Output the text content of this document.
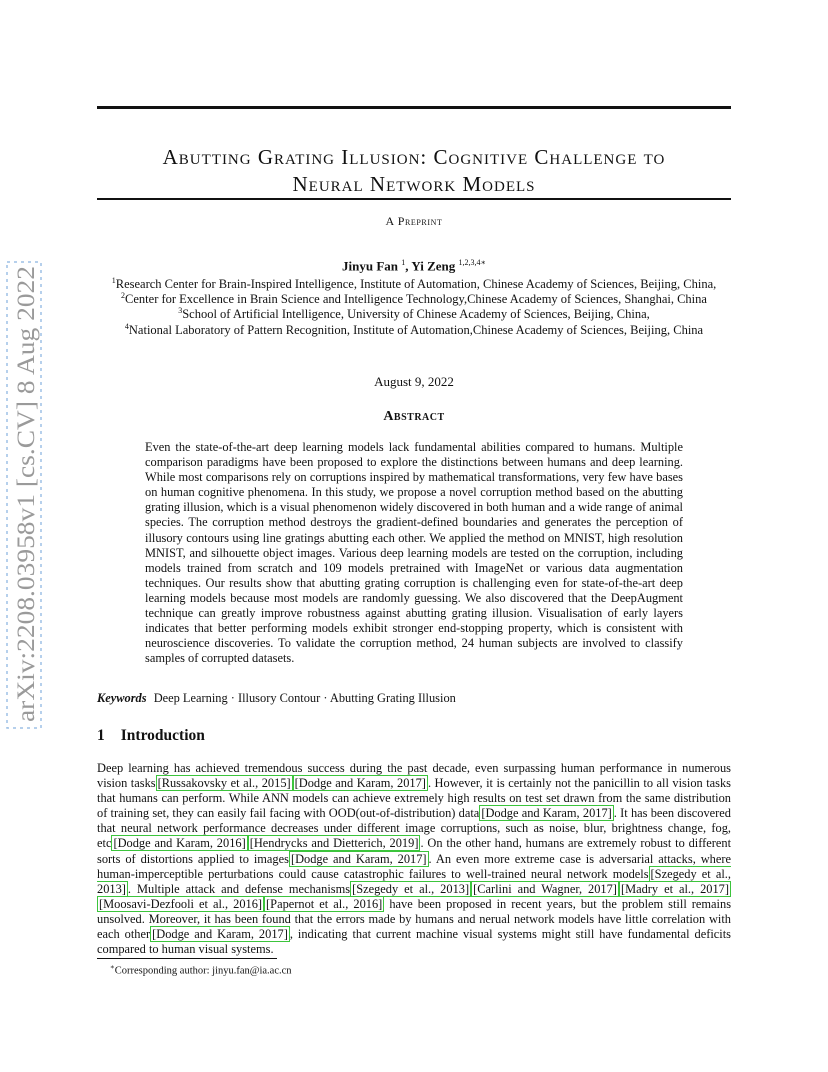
Abutting Grating Illusion: Cognitive Challenge to
Neural Network Models
A Preprint
Jinyu Fan $^1$, Yi Zeng $^{1,2,3,4∗}$
$^1$Research Center for Brain-Inspired Intelligence, Institute of Automation, Chinese Academy of Sciences, Beijing, China,
$^2$Center for Excellence in Brain Science and Intelligence Technology,Chinese Academy of Sciences, Shanghai, China
$^3$School of Artificial Intelligence, University of Chinese Academy of Sciences, Beijing, China,
$^4$National Laboratory of Pattern Recognition, Institute of Automation,Chinese Academy of Sciences, Beijing, China
August 9, 2022
Abstract

Even the state-of-the-art deep learning models lack fundamental abilities compared to humans. Multiple comparison paradigms have been proposed to explore the distinctions between humans and deep learning. While most comparisons rely on corruptions inspired by mathematical transformations, very few have bases on human cognitive phenomena. In this study, we propose a novel corruption method based on the abutting grating illusion, which is a visual phenomenon widely discovered in both human and a wide range of animal species. The corruption method destroys the gradient-defined boundaries and generates the perception of illusory contours using line gratings abutting each other. We applied the method on MNIST, high resolution MNIST, and silhouette object images. Various deep learning models are tested on the corruption, including models trained from scratch and 109 models pretrained with ImageNet or various data augmentation techniques. Our results show that abutting grating corruption is challenging even for state-of-the-art deep learning models because most models are randomly guessing. We also discovered that the DeepAugment technique can greatly improve robustness against abutting grating illusion. Visualisation of early layers indicates that better performing models exhibit stronger end-stopping property, which is consistent with neuroscience discoveries. To validate the corruption method, 24 human subjects are involved to classify samples of corrupted datasets.

Keywords Deep Learning · Illusory Contour · Abutting Grating Illusion
1 Introduction

Deep learning has achieved tremendous success during the past decade, even surpassing human performance in numerous vision tasks [Russakovsky et al., 2015] [Dodge and Karam, 2017] . However, it is certainly not the panicillin to all vision tasks that humans can perform. While ANN models can achieve extremely high results on test set drawn from the same distribution of training set, they can easily fail facing with OOD(out-of-distribution) data [Dodge and Karam, 2017] . It has been discovered that neural network performance decreases under different image corruptions, such as noise, blur, brightness change, fog, etc [Dodge and Karam, 2016] [Hendrycks and Dietterich, 2019] . On the other hand, humans are extremely robust to different sorts of distortions applied to images [Dodge and Karam, 2017] . An even more extreme case is adversarial attacks, where human-imperceptible perturbations could cause catastrophic failures to well-trained neural network models [Szegedy et al., 2013] . Multiple attack and defense mechanisms [Szegedy et al., 2013] [Carlini and Wagner, 2017] [Madry et al., 2017][Moosavi-Dezfooli et al., 2016] [Papernot et al., 2016] have been proposed in recent years, but the problem still remains unsolved. Moreover, it has been found that the errors made by humans and nerual network models have little correlation with each other [Dodge and Karam, 2017] , indicating that current machine visual systems might still have fundamental deficits compared to human visual systems.

∗Corresponding author: jinyu.fan@ia.ac.cn
arXiv:2208.03958v1 [cs.CV] 8 Aug 2022
